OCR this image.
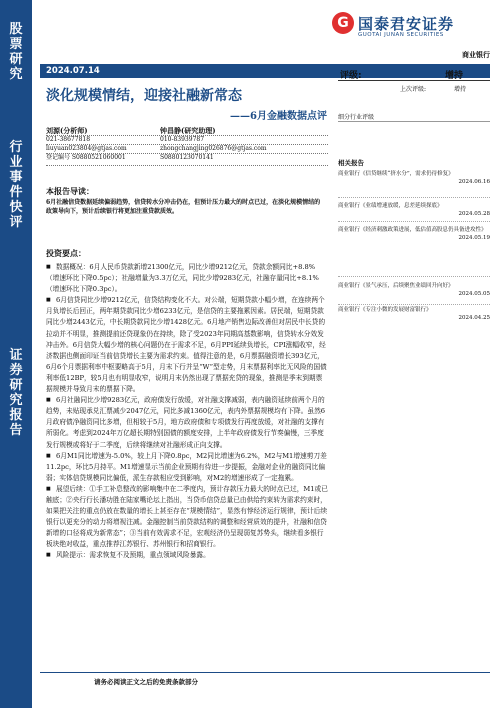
股票研究
行业事件快评
证券研究报告
G 国泰君安证券
GUOTAI JUNAN SECURITIES
商业银行
2024.07.14	评级:	增持
上次评级:	增持
淡化规模情结，迎接社融新常态
——6月金融数据点评 细分行业评级
刘源(分析师)
021-38677818
liuyuan023804@gtjas.com
登记编号 S0880521060001
钟昌静(研究助理)
010-83939787
zhongchangjing026876@gtjas.com
S0880123070141
本报告导读：
6月社融信贷数据延续偏弱趋势，信贷转水分冲击仍在，但预计压力最大的时点已过，在淡化规模情结的政策导向下，预计后续银行将更加注重贷款质效。
投资要点：

■ 数据概况：6月人民币贷款新增21300亿元，同比少增9212亿元，贷款余额同比+8.8%（增速环比下降0.5pc）；社融增量为3.3万亿元，同比少增9283亿元，社融存量同比+8.1%（增速环比下降0.3pc）。

■ 6月信贷同比少增9212亿元，信贷结构变化不大。对公端，短期贷款小幅少增，在连续两个月负增长后回正，两年期贷款同比少增6233亿元，是信贷的主要拖累因素。居民端，短期贷款同比少增2443亿元，中长期贷款同比少增1428亿元。6月地产销售边际改善但对居民中长贷的拉动并不明显，推测提前还贷现象仍在持续，除了受2023年同期高基数影响，信贷转水分效发冲击外。6月信贷大幅少增的核心问题仍在于需求不足，6月PPI延续负增长，CPI涨幅收窄，经济数据也侧面印证当前信贷增长主要为需求约束。值得注意的是，6月票据融资增长393亿元，6月6个月票据利率中枢要略高于5月，月末下行并呈“W”型走势，月末票据利率比无风险的国债利率低12BP，较5月也有明显收窄，说明月末仍然出现了票据充贷的现象，推测是季末到期票据规模并导致月末的票据下降。

■ 6月社融同比少增9283亿元，政府债发行放缓，对社融支撑减弱，表内融资延续前两个月的趋势，未贴现承兑汇票减少2047亿元，同比多减1360亿元，表内外票据规模均有下降。虽然6月政府债净融资同比多增，但相较于5月，地方政府债和专项债发行再度放缓，对社融的支撑有所弱化。考虑到2024年万亿超长期特别国债的额度安排，上半年政府债发行节奏偏慢，三季度发行规模或将好于二季度，后续将继续对社融形成正向支撑。

■ 6月M1同比增速为-5.0%，较上月下降0.8pc，M2同比增速为6.2%，M2与M1增速剪刀差11.2pc，环比5月持平。M1增速显示当前企业预期有待进一步提振，金融对企业的融资同比偏弱；实体信贷规模同比偏低，派生存款相应受到影响，对M2的增速形成了一定拖累。

■ 展望后续：①手工补息整改的影响集中在二季度内，预计存款压力最大的时点已过，M1或已触底；②央行行长潘功胜在陆家嘴论坛上指出，当贷币信贷总量已由供给约束转为需求约束时，如果把关注的重点仍放在数量的增长上甚至存在“规模情结”，显然有悖经济运行规律，预计后续银行以更充分的动力将增视注减。金融控制当前贷款结构的调整和经营质效的提升，社融和信贷新增的口径将成为新常态”；③当前有效需求不足，宏观经济仍呈现弱复苏势头，继续看多银行板块绝对收益，重点推荐江苏银行、苏州银行和招商银行。

■ 风险提示：需求恢复不及预期，重点领域风险暴露。

相关报告
商业银行《信贷继续“挤水分”，需求仍待修复》
2024.06.16
商业银行《业绩增速放缓，息差延续探底》
2024.05.28
商业银行《经济刺激政策进展，低估值高股息仍具备进攻性》
2024.05.19
商业银行《景气承压，后续聚焦业绩回升向好》
2024.05.05
商业银行《专注小微的发展财富银行》
2024.04.25
请务必阅读正文之后的免责条款部分
